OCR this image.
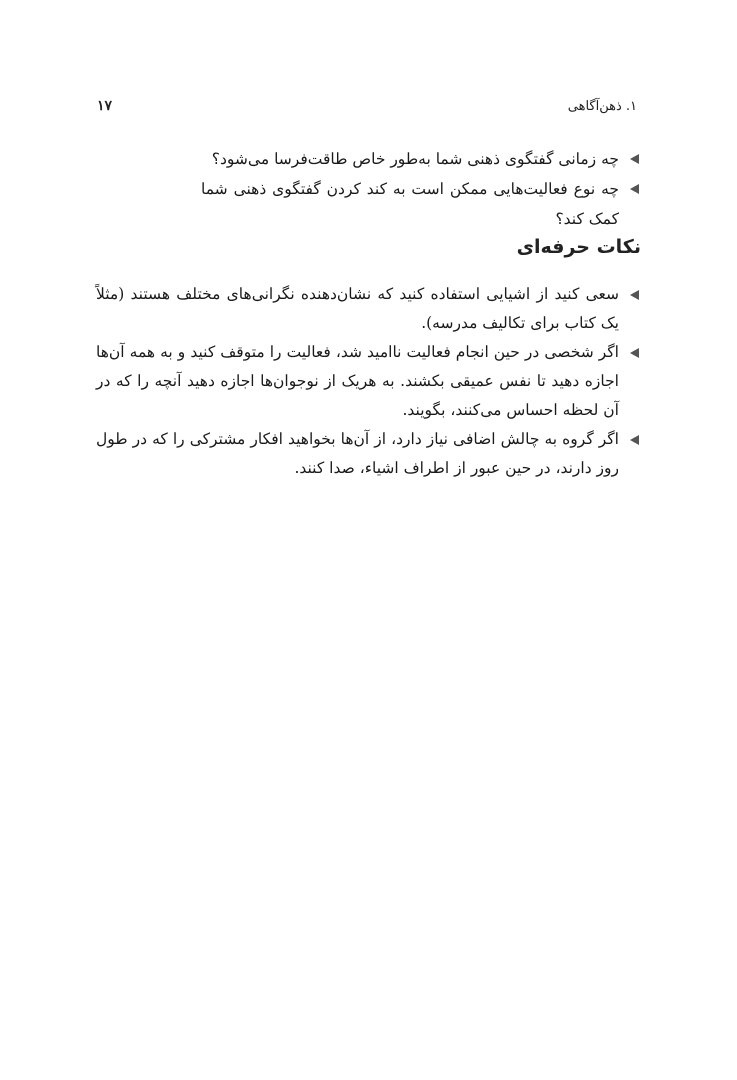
۱. ذهن‌آگاهی
۱۷
چه زمانی گفتگوی ذهنی شما به‌طور خاص طاقت‌فرسا می‌شود؟
چه نوع فعالیت‌هایی ممکن است به کند کردن گفتگوی ذهنی شما کمک کند؟
نکات حرفه‌ای
سعی کنید از اشیایی استفاده کنید که نشان‌دهنده نگرانی‌های مختلف هستند (مثلاً یک کتاب برای تکالیف مدرسه).
اگر شخصی در حین انجام فعالیت ناامید شد، فعالیت را متوقف کنید و به همه آن‌ها اجازه دهید تا نفس عمیقی بکشند. به هریک از نوجوان‌ها اجازه دهید آنچه را که در آن لحظه احساس می‌کنند، بگویند.
اگر گروه به چالش اضافی نیاز دارد، از آن‌ها بخواهید افکار مشترکی را که در طول روز دارند، در حین عبور از اطراف اشیاء، صدا کنند.
